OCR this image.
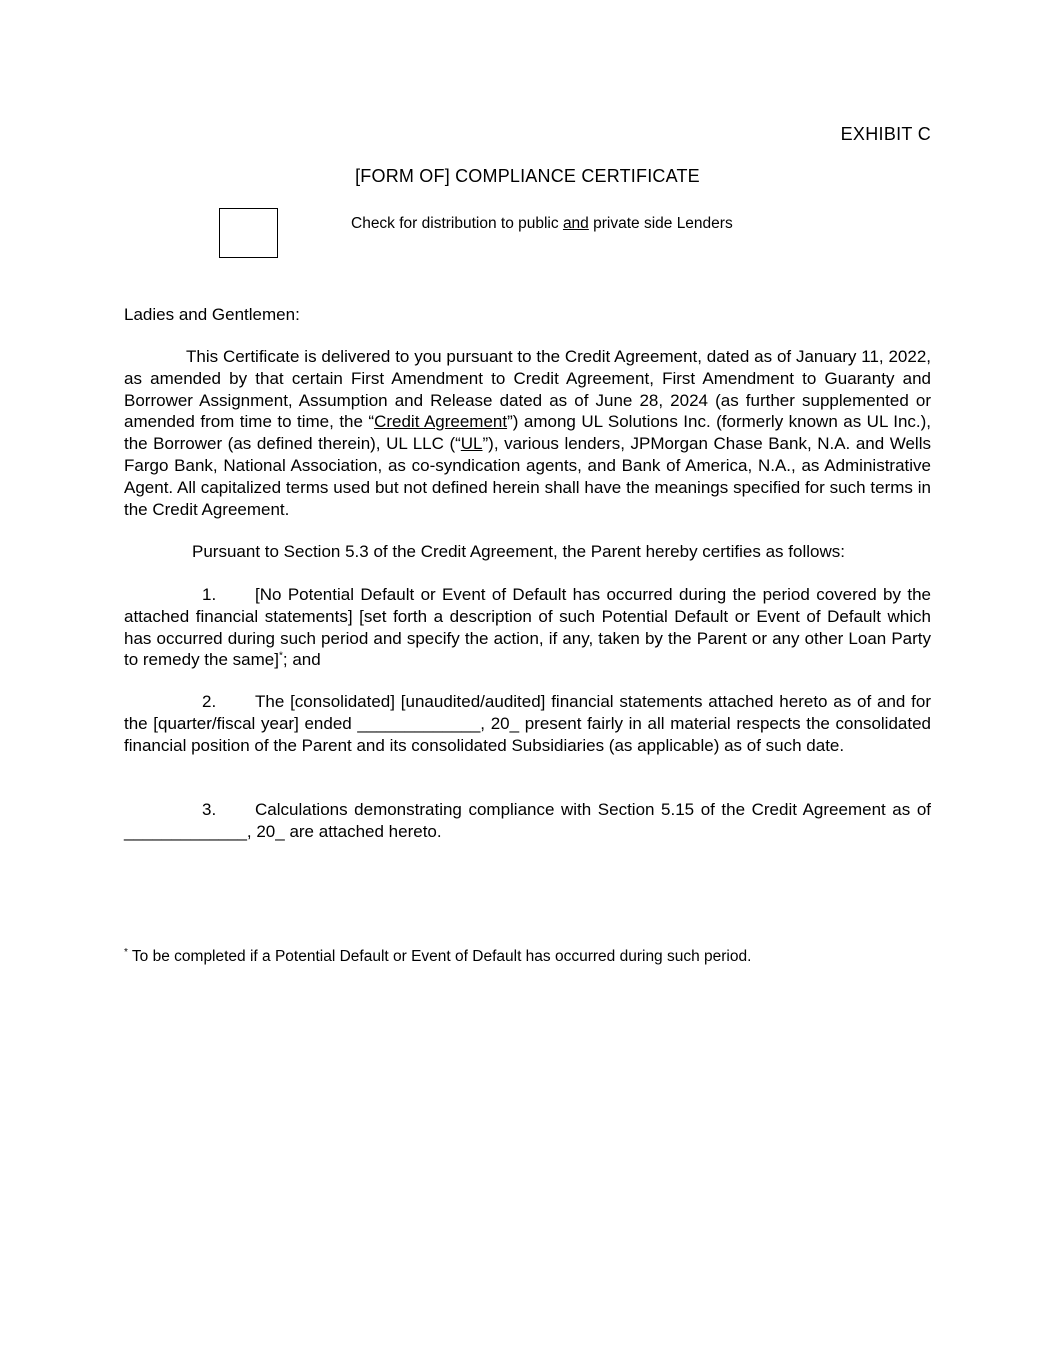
EXHIBIT C
[FORM OF] COMPLIANCE CERTIFICATE
Check for distribution to public and private side Lenders
Ladies and Gentlemen:

This Certificate is delivered to you pursuant to the Credit Agreement, dated as of January 11, 2022, as amended by that certain First Amendment to Credit Agreement, First Amendment to Guaranty and Borrower Assignment, Assumption and Release dated as of June 28, 2024 (as further supplemented or amended from time to time, the “Credit Agreement”) among UL Solutions Inc. (formerly known as UL Inc.), the Borrower (as defined therein), UL LLC (“UL”), various lenders, JPMorgan Chase Bank, N.A. and Wells Fargo Bank, National Association, as co-syndication agents, and Bank of America, N.A., as Administrative Agent. All capitalized terms used but not defined herein shall have the meanings specified for such terms in the Credit Agreement.

Pursuant to Section 5.3 of the Credit Agreement, the Parent hereby certifies as follows:

1. [No Potential Default or Event of Default has occurred during the period covered by the attached financial statements] [set forth a description of such Potential Default or Event of Default which has occurred during such period and specify the action, if any, taken by the Parent or any other Loan Party to remedy the same]*; and

2. The [consolidated] [unaudited/audited] financial statements attached hereto as of and for the [quarter/fiscal year] ended _____________, 20_ present fairly in all material respects the consolidated financial position of the Parent and its consolidated Subsidiaries (as applicable) as of such date.

3. Calculations demonstrating compliance with Section 5.15 of the Credit Agreement as of _____________, 20_ are attached hereto.

* To be completed if a Potential Default or Event of Default has occurred during such period.
